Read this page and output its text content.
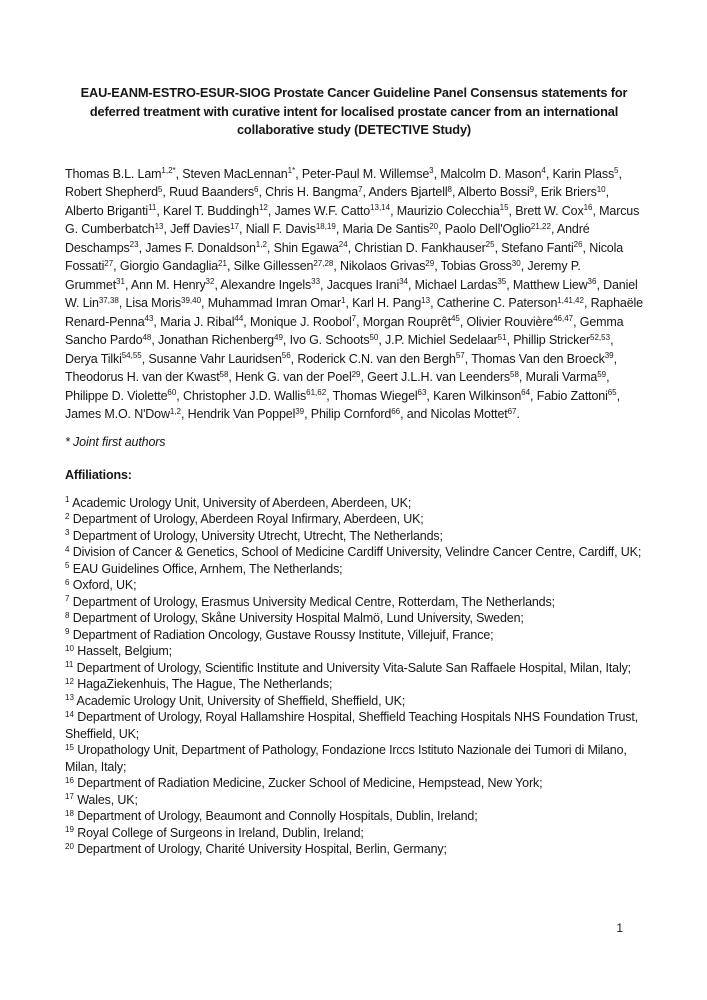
EAU-EANM-ESTRO-ESUR-SIOG Prostate Cancer Guideline Panel Consensus statements for deferred treatment with curative intent for localised prostate cancer from an international collaborative study (DETECTIVE Study)

Thomas B.L. Lam$^{1,2*}$, Steven MacLennan$^{1*}$, Peter-Paul M. Willemse$^3$, Malcolm D. Mason$^4$, Karin Plass$^5$, Robert Shepherd$^5$, Ruud Baanders$^6$, Chris H. Bangma$^7$, Anders Bjartell$^8$, Alberto Bossi$^9$, Erik Briers$^{10}$, Alberto Briganti$^{11}$, Karel T. Buddingh$^{12}$, James W.F. Catto$^{13,14}$, Maurizio Colecchia$^{15}$, Brett W. Cox$^{16}$, Marcus G. Cumberbatch$^{13}$, Jeff Davies$^{17}$, Niall F. Davis$^{18,19}$, Maria De Santis$^{20}$, Paolo Dell'Oglio$^{21,22}$, André Deschamps$^{23}$, James F. Donaldson$^{1,2}$, Shin Egawa$^{24}$, Christian D. Fankhauser$^{25}$, Stefano Fanti$^{26}$, Nicola Fossati$^{27}$, Giorgio Gandaglia$^{21}$, Silke Gillessen$^{27,28}$, Nikolaos Grivas$^{29}$, Tobias Gross$^{30}$, Jeremy P. Grummet$^{31}$, Ann M. Henry$^{32}$, Alexandre Ingels$^{33}$, Jacques Irani$^{34}$, Michael Lardas$^{35}$, Matthew Liew$^{36}$, Daniel W. Lin$^{37,38}$, Lisa Moris$^{39,40}$, Muhammad Imran Omar$^1$, Karl H. Pang$^{13}$, Catherine C. Paterson$^{1,41,42}$, Raphaële Renard-Penna$^{43}$, Maria J. Ribal$^{44}$, Monique J. Roobol$^7$, Morgan Rouprêt$^{45}$, Olivier Rouvière$^{46,47}$, Gemma Sancho Pardo$^{48}$, Jonathan Richenberg$^{49}$, Ivo G. Schoots$^{50}$, J.P. Michiel Sedelaar$^{51}$, Phillip Stricker$^{52,53}$, Derya Tilki$^{54,55}$, Susanne Vahr Lauridsen$^{56}$, Roderick C.N. van den Bergh$^{57}$, Thomas Van den Broeck$^{39}$, Theodorus H. van der Kwast$^{58}$, Henk G. van der Poel$^{29}$, Geert J.L.H. van Leenders$^{58}$, Murali Varma$^{59}$, Philippe D. Violette$^{60}$, Christopher J.D. Wallis$^{61,62}$, Thomas Wiegel$^{63}$, Karen Wilkinson$^{64}$, Fabio Zattoni$^{65}$, James M.O. N'Dow$^{1,2}$, Hendrik Van Poppel$^{39}$, Philip Cornford$^{66}$, and Nicolas Mottet$^{67}$.

* Joint first authors

Affiliations:

$^1$ Academic Urology Unit, University of Aberdeen, Aberdeen, UK;
$^2$ Department of Urology, Aberdeen Royal Infirmary, Aberdeen, UK;
$^3$ Department of Urology, University Utrecht, Utrecht, The Netherlands;
$^4$ Division of Cancer & Genetics, School of Medicine Cardiff University, Velindre Cancer Centre, Cardiff, UK;
$^5$ EAU Guidelines Office, Arnhem, The Netherlands;
$^6$ Oxford, UK;
$^7$ Department of Urology, Erasmus University Medical Centre, Rotterdam, The Netherlands;
$^8$ Department of Urology, Skåne University Hospital Malmö, Lund University, Sweden;
$^9$ Department of Radiation Oncology, Gustave Roussy Institute, Villejuif, France;
$^{10}$ Hasselt, Belgium;
$^{11}$ Department of Urology, Scientific Institute and University Vita-Salute San Raffaele Hospital, Milan, Italy;
$^{12}$ HagaZiekenhuis, The Hague, The Netherlands;
$^{13}$ Academic Urology Unit, University of Sheffield, Sheffield, UK;
$^{14}$ Department of Urology, Royal Hallamshire Hospital, Sheffield Teaching Hospitals NHS Foundation Trust, Sheffield, UK;
$^{15}$ Uropathology Unit, Department of Pathology, Fondazione Irccs Istituto Nazionale dei Tumori di Milano, Milan, Italy;
$^{16}$ Department of Radiation Medicine, Zucker School of Medicine, Hempstead, New York;
$^{17}$ Wales, UK;
$^{18}$ Department of Urology, Beaumont and Connolly Hospitals, Dublin, Ireland;
$^{19}$ Royal College of Surgeons in Ireland, Dublin, Ireland;
$^{20}$ Department of Urology, Charité University Hospital, Berlin, Germany;
1
